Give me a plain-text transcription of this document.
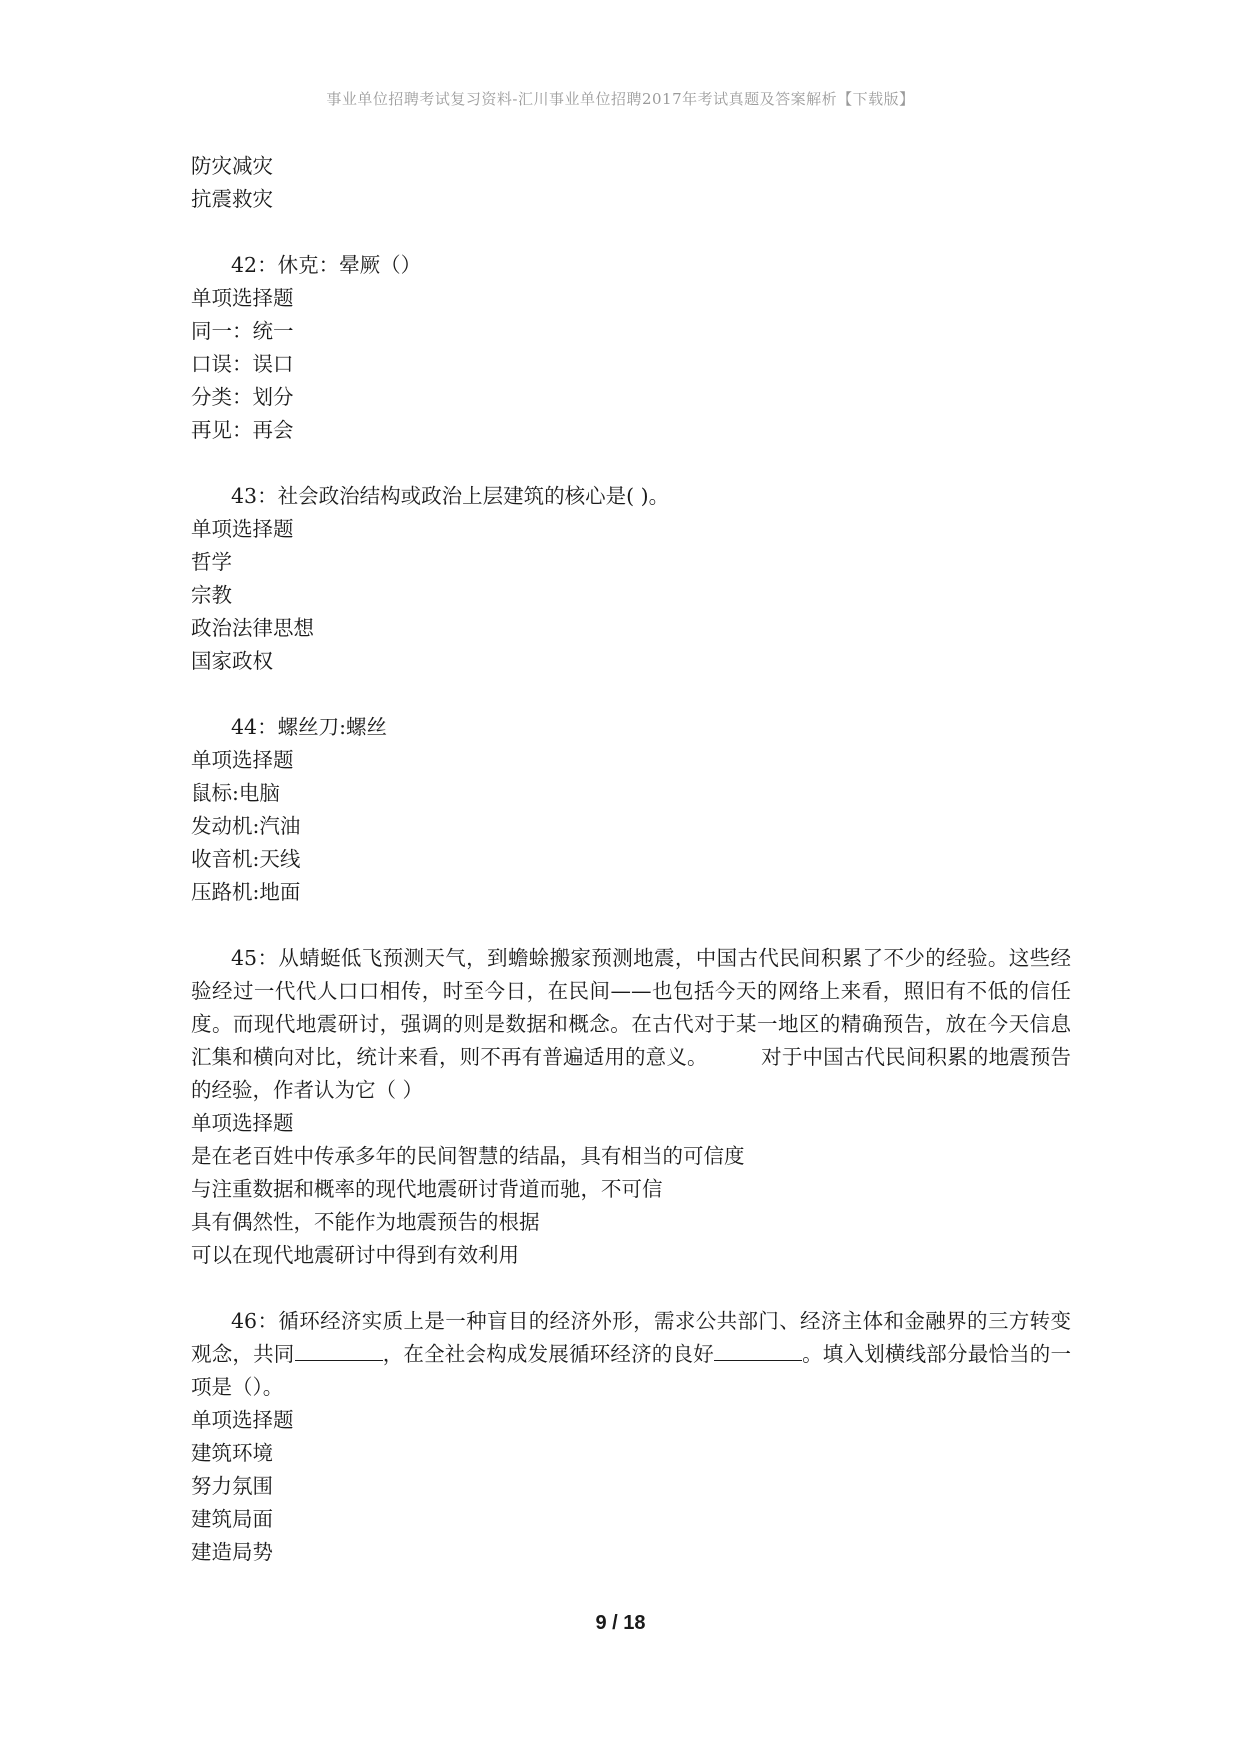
事业单位招聘考试复习资料-汇川事业单位招聘2017年考试真题及答案解析【下载版】

防灾减灾

抗震救灾

42：休克：晕厥（）

单项选择题

同一：统一

口误：误口

分类：划分

再见：再会

43：社会政治结构或政治上层建筑的核心是( )。

单项选择题

哲学

宗教

政治法律思想

国家政权

44：螺丝刀:螺丝

单项选择题

鼠标:电脑

发动机:汽油

收音机:天线

压路机:地面

45：从蜻蜓低飞预测天气，到蟾蜍搬家预测地震，中国古代民间积累了不少的经验。这些经验经过一代代人口口相传，时至今日，在民间——也包括今天的网络上来看，照旧有不低的信任度。而现代地震研讨，强调的则是数据和概念。在古代对于某一地区的精确预告，放在今天信息汇集和横向对比，统计来看，则不再有普遍适用的意义。        对于中国古代民间积累的地震预告的经验，作者认为它（ ）

单项选择题

是在老百姓中传承多年的民间智慧的结晶，具有相当的可信度

与注重数据和概率的现代地震研讨背道而驰，不可信

具有偶然性，不能作为地震预告的根据

可以在现代地震研讨中得到有效利用

46：循环经济实质上是一种盲目的经济外形，需求公共部门、经济主体和金融界的三方转变观念，共同	，在全社会构成发展循环经济的良好	。填入划横线部分最恰当的一项是（）。

单项选择题

建筑环境

努力氛围

建筑局面

建造局势

9 / 18
